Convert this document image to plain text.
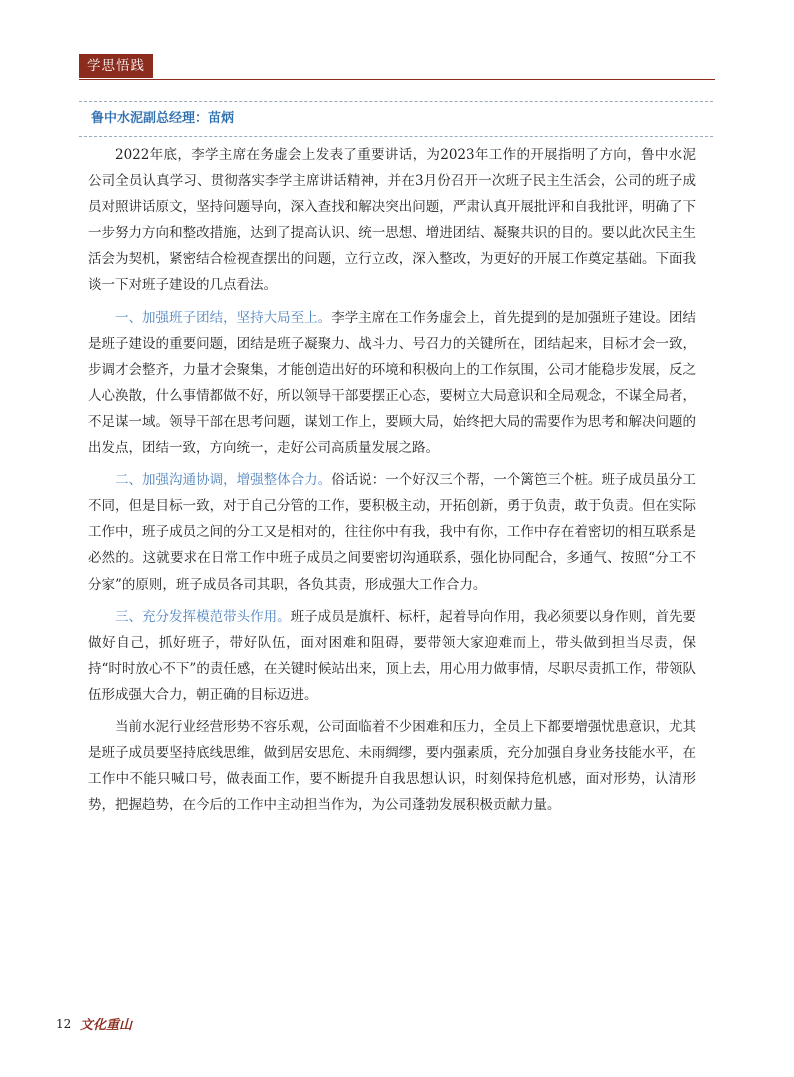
学思悟践
鲁中水泥副总经理：苗炳

2022年底，李学主席在务虚会上发表了重要讲话，为2023年工作的开展指明了方向，鲁中水泥公司全员认真学习、贯彻落实李学主席讲话精神，并在3月份召开一次班子民主生活会，公司的班子成员对照讲话原文，坚持问题导向，深入查找和解决突出问题，严肃认真开展批评和自我批评，明确了下一步努力方向和整改措施，达到了提高认识、统一思想、增进团结、凝聚共识的目的。要以此次民主生活会为契机，紧密结合检视查摆出的问题，立行立改，深入整改，为更好的开展工作奠定基础。下面我谈一下对班子建设的几点看法。

一、加强班子团结，坚持大局至上。李学主席在工作务虚会上，首先提到的是加强班子建设。团结是班子建设的重要问题，团结是班子凝聚力、战斗力、号召力的关键所在，团结起来，目标才会一致，步调才会整齐，力量才会聚集，才能创造出好的环境和积极向上的工作氛围，公司才能稳步发展，反之人心涣散，什么事情都做不好，所以领导干部要摆正心态，要树立大局意识和全局观念，不谋全局者，不足谋一域。领导干部在思考问题，谋划工作上，要顾大局，始终把大局的需要作为思考和解决问题的出发点，团结一致，方向统一，走好公司高质量发展之路。

二、加强沟通协调，增强整体合力。俗话说：一个好汉三个帮，一个篱笆三个桩。班子成员虽分工不同，但是目标一致，对于自己分管的工作，要积极主动，开拓创新，勇于负责，敢于负责。但在实际工作中，班子成员之间的分工又是相对的，往往你中有我，我中有你，工作中存在着密切的相互联系是必然的。这就要求在日常工作中班子成员之间要密切沟通联系，强化协同配合，多通气、按照“分工不分家”的原则，班子成员各司其职，各负其责，形成强大工作合力。

三、充分发挥模范带头作用。班子成员是旗杆、标杆，起着导向作用，我必须要以身作则，首先要做好自己，抓好班子，带好队伍，面对困难和阻碍，要带领大家迎难而上，带头做到担当尽责，保持“时时放心不下”的责任感，在关键时候站出来，顶上去，用心用力做事情，尽职尽责抓工作，带领队伍形成强大合力，朝正确的目标迈进。

当前水泥行业经营形势不容乐观，公司面临着不少困难和压力，全员上下都要增强忧患意识，尤其是班子成员要坚持底线思维，做到居安思危、未雨绸缪，要内强素质，充分加强自身业务技能水平，在工作中不能只喊口号，做表面工作，要不断提升自我思想认识，时刻保持危机感，面对形势，认清形势，把握趋势，在今后的工作中主动担当作为，为公司蓬勃发展积极贡献力量。

12 文化重山
